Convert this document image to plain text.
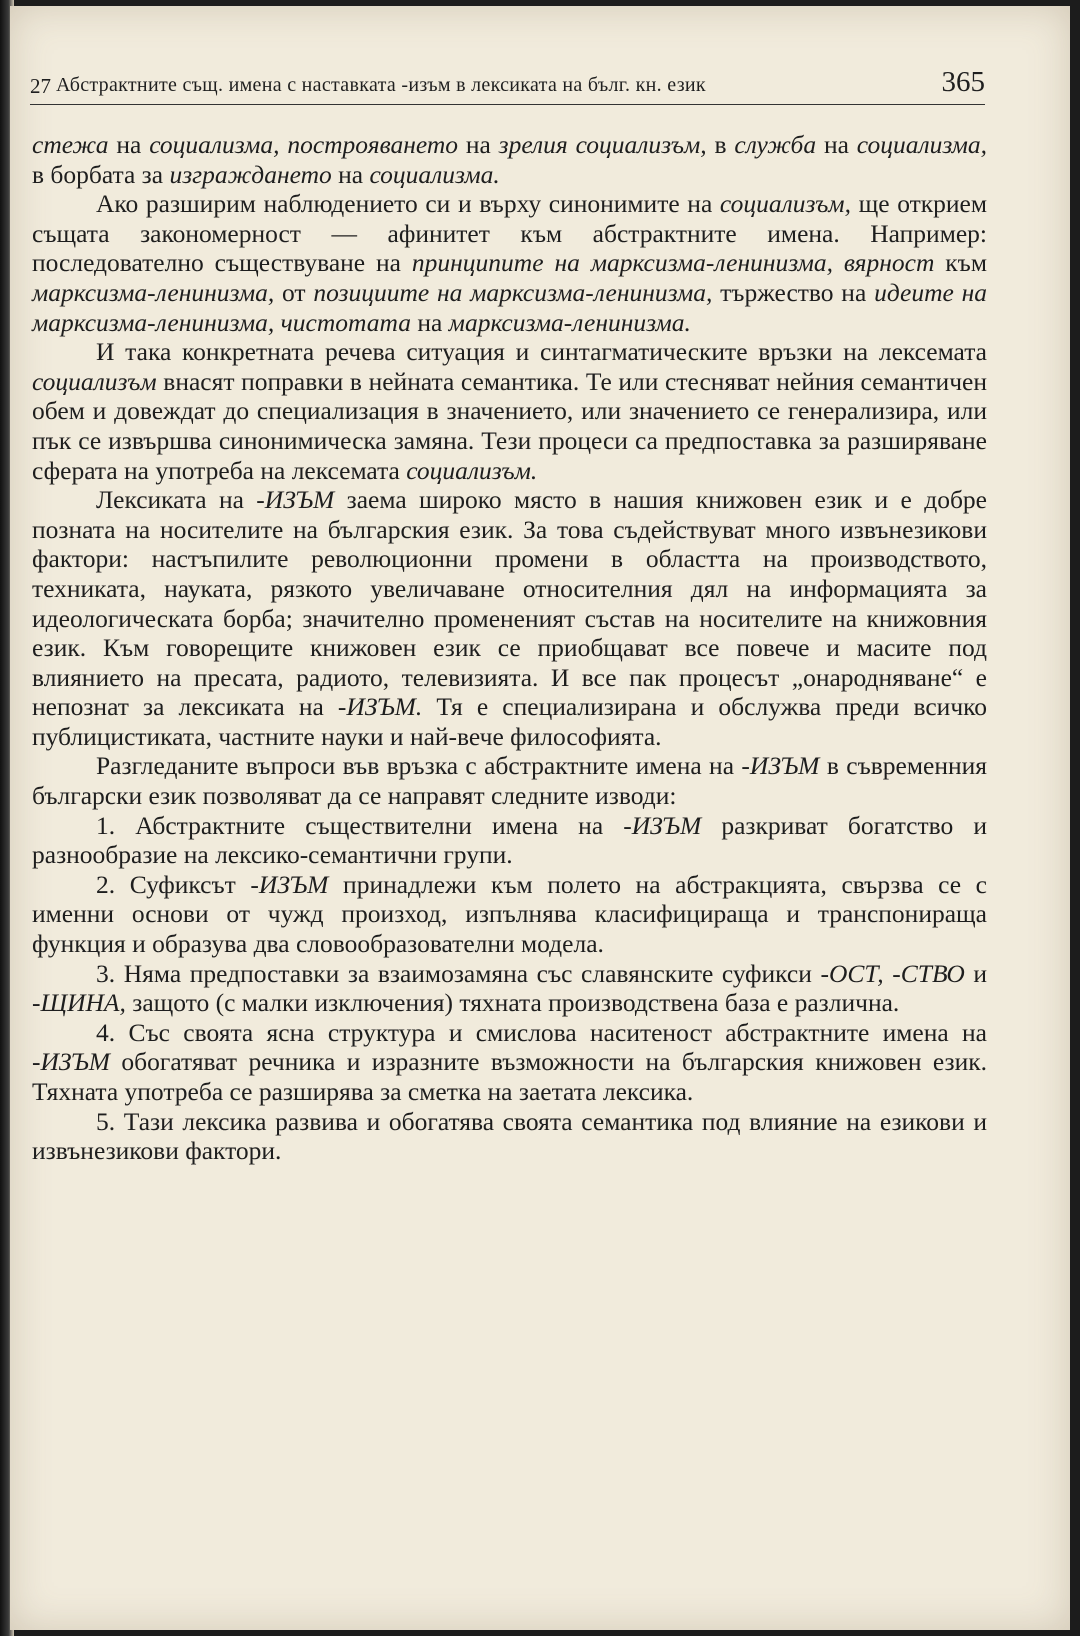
27 Абстрактните същ. имена с наставката -изъм в лексиката на бълг. кн. език	365

стежа на социализма, построяването на зрелия социализъм, в служба на социализма, в борбата за изграждането на социализма.

Ако разширим наблюдението си и върху синонимите на социализъм, ще открием същата закономерност — афинитет към абстрактните имена. Например: последователно съществуване на принципите на марксизма-ленинизма, вярност към марксизма-ленинизма, от позициите на марксизма-ленинизма, тържество на идеите на марксизма-ленинизма, чистотата на марксизма-ленинизма.

И така конкретната речева ситуация и синтагматическите връзки на лексемата социализъм внасят поправки в нейната семантика. Те или стесняват нейния семантичен обем и довеждат до специализация в значението, или значението се генерализира, или пък се извършва синонимическа замяна. Тези процеси са предпоставка за разширяване сферата на употреба на лексемата социализъм.

Лексиката на -ИЗЪМ заема широко място в нашия книжовен език и е добре позната на носителите на българския език. За това съдействуват много извънезикови фактори: настъпилите революционни промени в областта на производството, техниката, науката, рязкото увеличаване относителния дял на информацията за идеологическата борба; значително промененият състав на носителите на книжовния език. Към говорещите книжовен език се приобщават все повече и масите под влиянието на пресата, радиото, телевизията. И все пак процесът „онародняване“ е непознат за лексиката на -ИЗЪМ. Тя е специализирана и обслужва преди всичко публицистиката, частните науки и най-вече философията.

Разгледаните въпроси във връзка с абстрактните имена на -ИЗЪМ в съвременния български език позволяват да се направят следните изводи:

1. Абстрактните съществителни имена на -ИЗЪМ разкриват богатство и разнообразие на лексико-семантични групи.

2. Суфиксът -ИЗЪМ принадлежи към полето на абстракцията, свързва се с именни основи от чужд произход, изпълнява класифицираща и транспонираща функция и образува два словообразователни модела.

3. Няма предпоставки за взаимозамяна със славянските суфикси -ОСТ, -СТВО и -ЩИНА, защото (с малки изключения) тяхната производствена база е различна.

4. Със своята ясна структура и смислова наситеност абстрактните имена на -ИЗЪМ обогатяват речника и изразните възможности на българския книжовен език. Тяхната употреба се разширява за сметка на заетата лексика.

5. Тази лексика развива и обогатява своята семантика под влияние на езикови и извънезикови фактори.
